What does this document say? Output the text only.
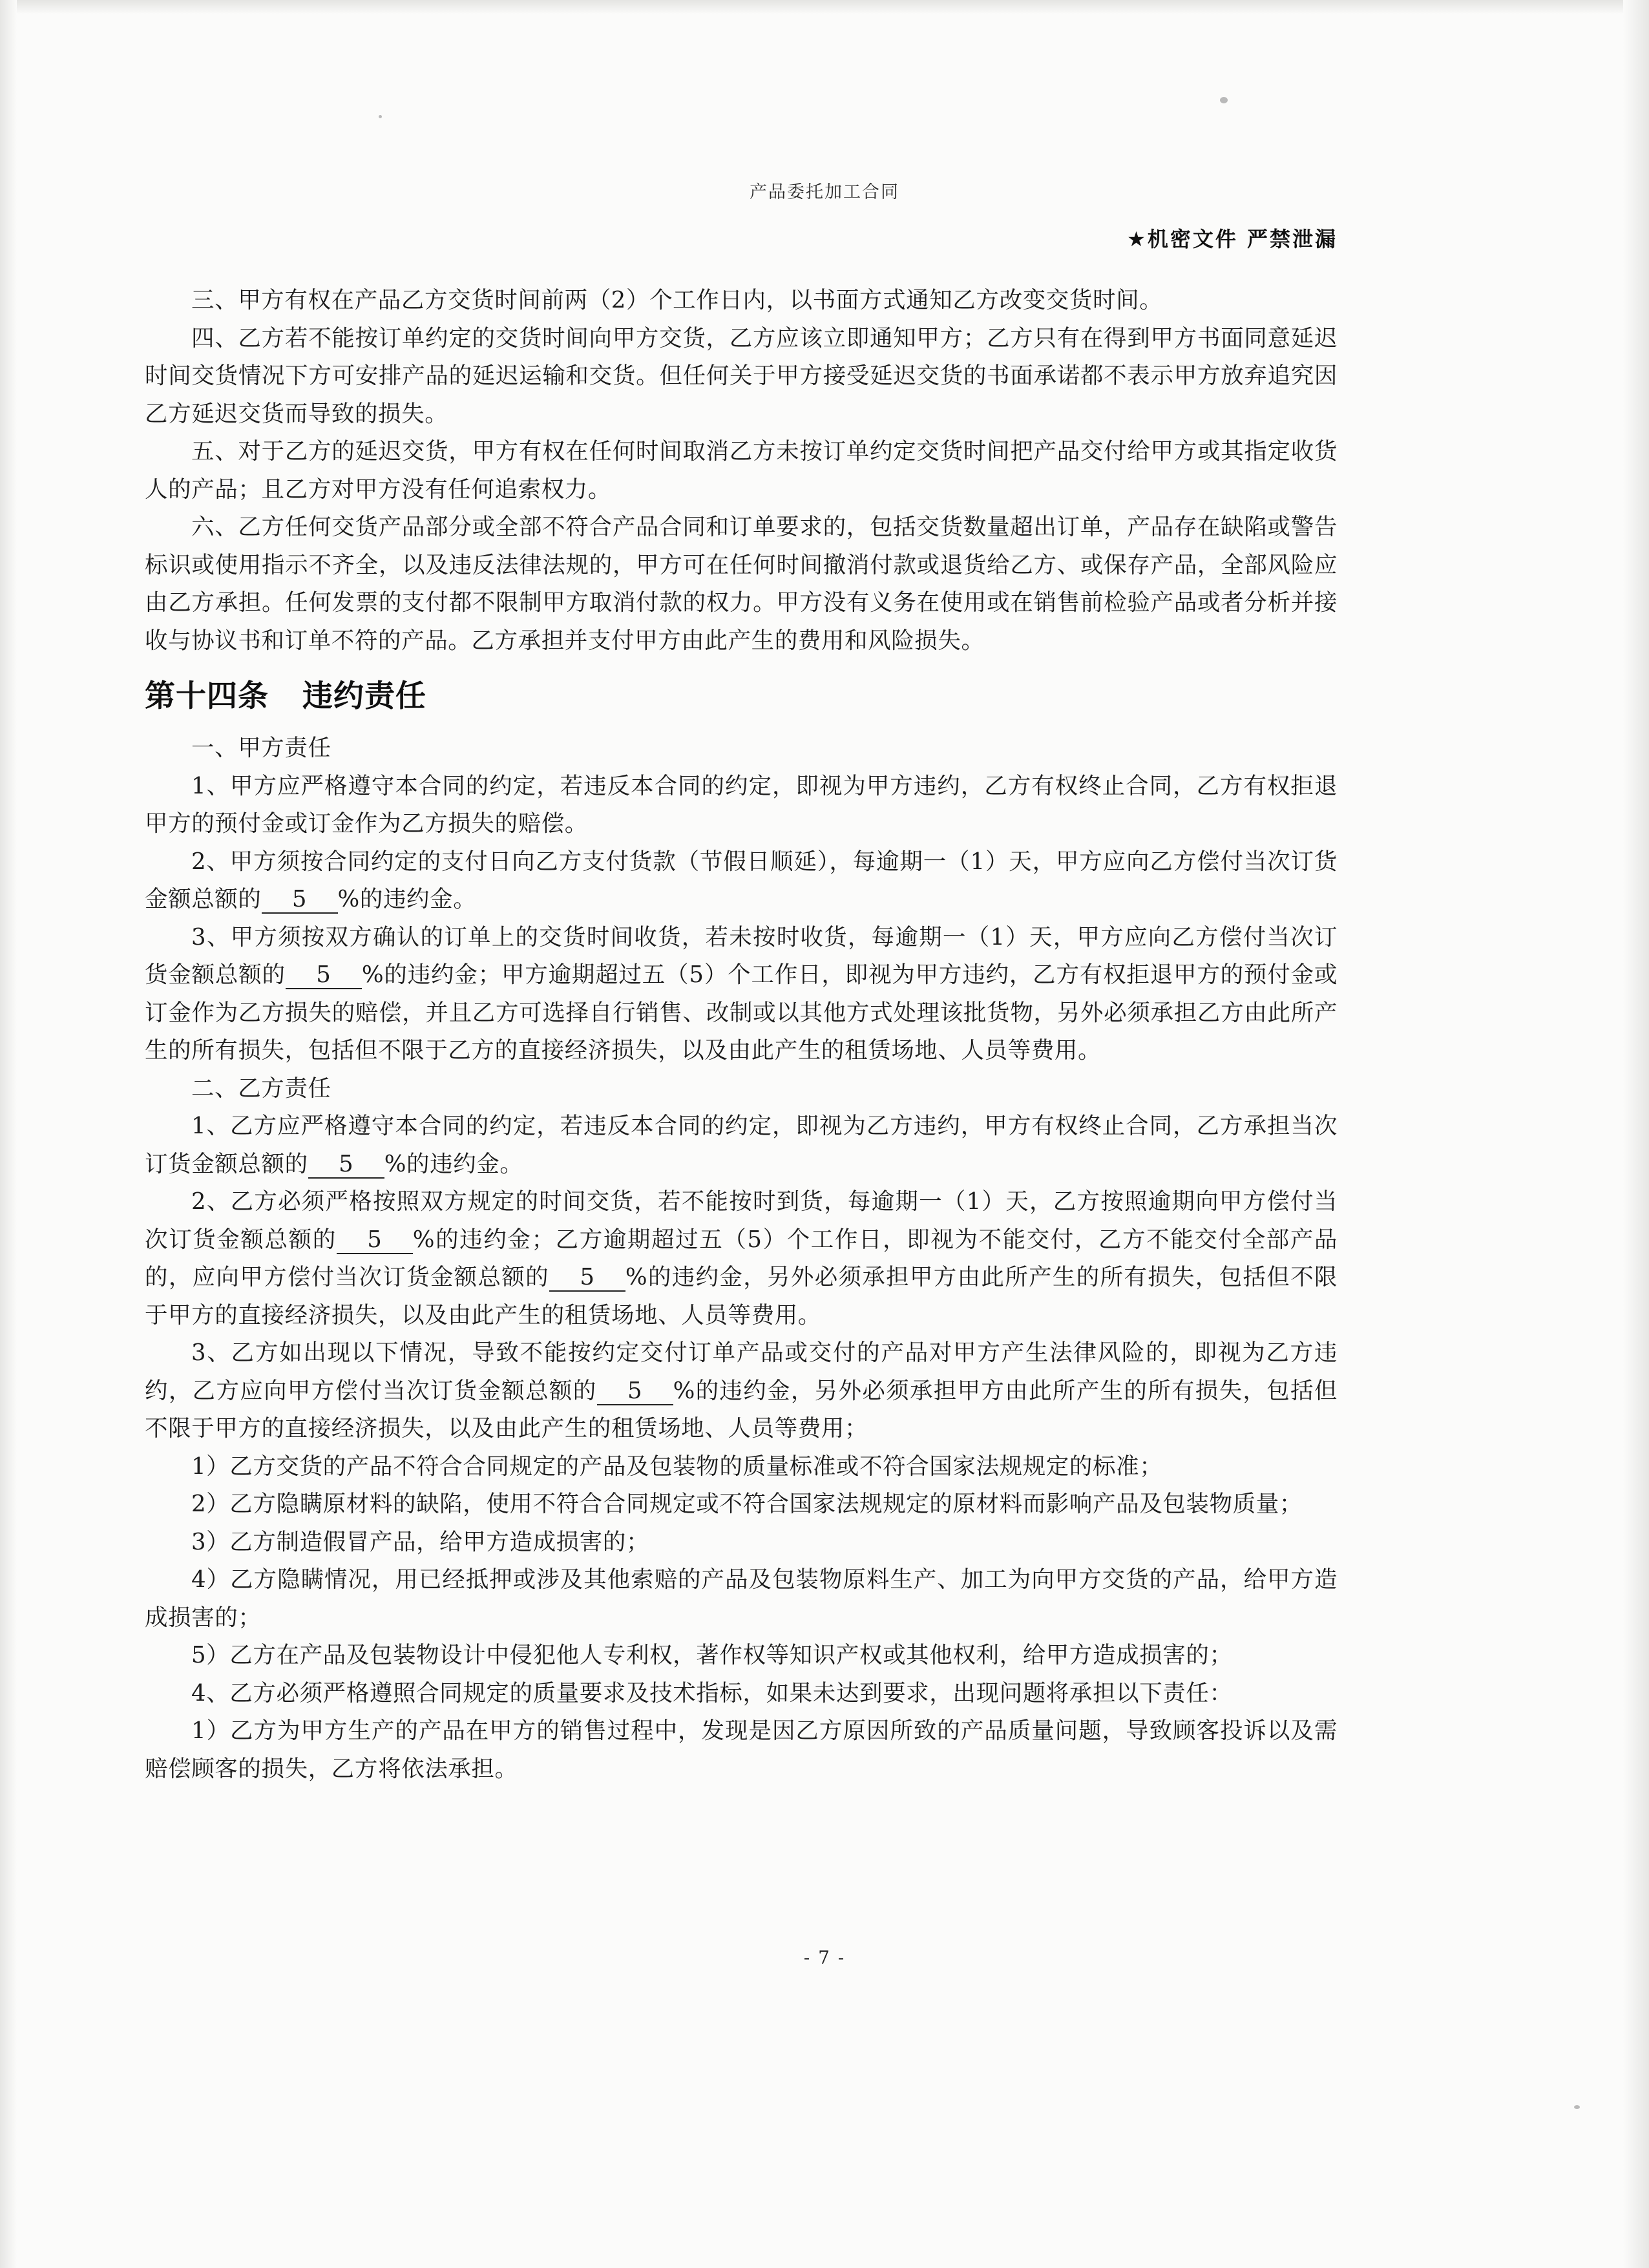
产品委托加工合同
★机密文件 严禁泄漏

三、甲方有权在产品乙方交货时间前两（2）个工作日内，以书面方式通知乙方改变交货时间。

四、乙方若不能按订单约定的交货时间向甲方交货，乙方应该立即通知甲方；乙方只有在得到甲方书面同意延迟时间交货情况下方可安排产品的延迟运输和交货。但任何关于甲方接受延迟交货的书面承诺都不表示甲方放弃追究因乙方延迟交货而导致的损失。

五、对于乙方的延迟交货，甲方有权在任何时间取消乙方未按订单约定交货时间把产品交付给甲方或其指定收货人的产品；且乙方对甲方没有任何追索权力。

六、乙方任何交货产品部分或全部不符合产品合同和订单要求的，包括交货数量超出订单，产品存在缺陷或警告标识或使用指示不齐全，以及违反法律法规的，甲方可在任何时间撤消付款或退货给乙方、或保存产品，全部风险应由乙方承担。任何发票的支付都不限制甲方取消付款的权力。甲方没有义务在使用或在销售前检验产品或者分析并接收与协议书和订单不符的产品。乙方承担并支付甲方由此产生的费用和风险损失。

第十四条 违约责任

一、甲方责任

1、甲方应严格遵守本合同的约定，若违反本合同的约定，即视为甲方违约，乙方有权终止合同，乙方有权拒退甲方的预付金或订金作为乙方损失的赔偿。

2、甲方须按合同约定的支付日向乙方支付货款（节假日顺延），每逾期一（1）天，甲方应向乙方偿付当次订货金额总额的 5 %的违约金。

3、甲方须按双方确认的订单上的交货时间收货，若未按时收货，每逾期一（1）天，甲方应向乙方偿付当次订货金额总额的 5 %的违约金；甲方逾期超过五（5）个工作日，即视为甲方违约，乙方有权拒退甲方的预付金或订金作为乙方损失的赔偿，并且乙方可选择自行销售、改制或以其他方式处理该批货物，另外必须承担乙方由此所产生的所有损失，包括但不限于乙方的直接经济损失，以及由此产生的租赁场地、人员等费用。

二、乙方责任

1、乙方应严格遵守本合同的约定，若违反本合同的约定，即视为乙方违约，甲方有权终止合同，乙方承担当次订货金额总额的 5 %的违约金。

2、乙方必须严格按照双方规定的时间交货，若不能按时到货，每逾期一（1）天，乙方按照逾期向甲方偿付当次订货金额总额的 5 %的违约金；乙方逾期超过五（5）个工作日，即视为不能交付，乙方不能交付全部产品的，应向甲方偿付当次订货金额总额的 5 %的违约金，另外必须承担甲方由此所产生的所有损失，包括但不限于甲方的直接经济损失，以及由此产生的租赁场地、人员等费用。

3、乙方如出现以下情况，导致不能按约定交付订单产品或交付的产品对甲方产生法律风险的，即视为乙方违约，乙方应向甲方偿付当次订货金额总额的 5 %的违约金，另外必须承担甲方由此所产生的所有损失，包括但不限于甲方的直接经济损失，以及由此产生的租赁场地、人员等费用；

1）乙方交货的产品不符合合同规定的产品及包装物的质量标准或不符合国家法规规定的标准；

2）乙方隐瞒原材料的缺陷，使用不符合合同规定或不符合国家法规规定的原材料而影响产品及包装物质量；

3）乙方制造假冒产品，给甲方造成损害的；

4）乙方隐瞒情况，用已经抵押或涉及其他索赔的产品及包装物原料生产、加工为向甲方交货的产品，给甲方造成损害的；

5）乙方在产品及包装物设计中侵犯他人专利权，著作权等知识产权或其他权利，给甲方造成损害的；

4、乙方必须严格遵照合同规定的质量要求及技术指标，如果未达到要求，出现问题将承担以下责任：

1）乙方为甲方生产的产品在甲方的销售过程中，发现是因乙方原因所致的产品质量问题，导致顾客投诉以及需赔偿顾客的损失，乙方将依法承担。

- 7 -
